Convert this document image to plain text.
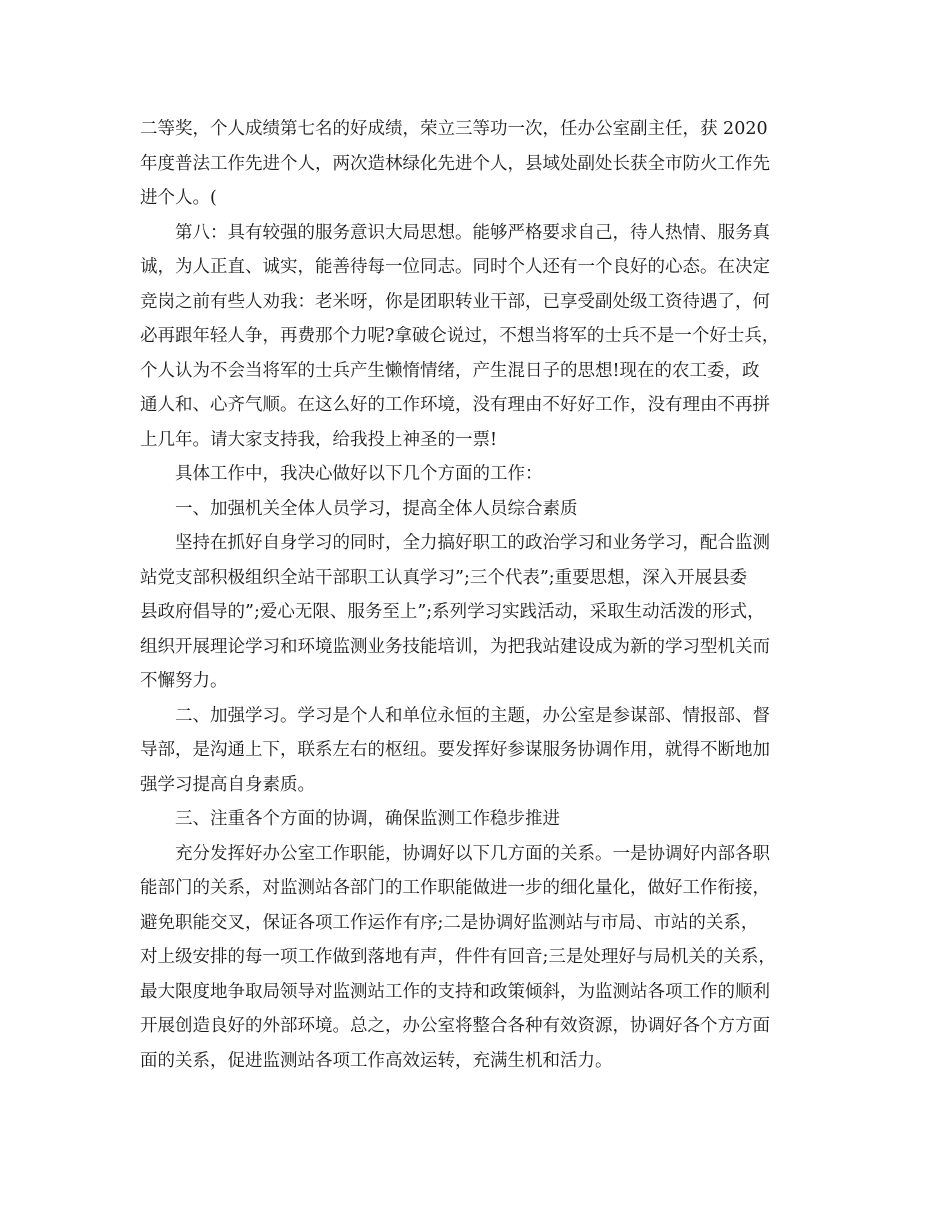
二等奖，个人成绩第七名的好成绩，荣立三等功一次，任办公室副主任，获 2020
年度普法工作先进个人，两次造林绿化先进个人，县域处副处长获全市防火工作先
进个人。(
第八：具有较强的服务意识大局思想。能够严格要求自己，待人热情、服务真
诚，为人正直、诚实，能善待每一位同志。同时个人还有一个良好的心态。在决定
竞岗之前有些人劝我：老米呀，你是团职转业干部，已享受副处级工资待遇了，何
必再跟年轻人争，再费那个力呢?拿破仑说过，不想当将军的士兵不是一个好士兵，
个人认为不会当将军的士兵产生懒惰情绪，产生混日子的思想!现在的农工委，政
通人和、心齐气顺。在这么好的工作环境，没有理由不好好工作，没有理由不再拼
上几年。请大家支持我，给我投上神圣的一票!
具体工作中，我决心做好以下几个方面的工作：
一、加强机关全体人员学习，提高全体人员综合素质
坚持在抓好自身学习的同时，全力搞好职工的政治学习和业务学习，配合监测
站党支部积极组织全站干部职工认真学习”;三个代表”;重要思想，深入开展县委
县政府倡导的”;爱心无限、服务至上”;系列学习实践活动，采取生动活泼的形式，
组织开展理论学习和环境监测业务技能培训，为把我站建设成为新的学习型机关而
不懈努力。
二、加强学习。学习是个人和单位永恒的主题，办公室是参谋部、情报部、督
导部，是沟通上下，联系左右的枢纽。要发挥好参谋服务协调作用，就得不断地加
强学习提高自身素质。
三、注重各个方面的协调，确保监测工作稳步推进
充分发挥好办公室工作职能，协调好以下几方面的关系。一是协调好内部各职
能部门的关系，对监测站各部门的工作职能做进一步的细化量化，做好工作衔接，
避免职能交叉，保证各项工作运作有序;二是协调好监测站与市局、市站的关系，
对上级安排的每一项工作做到落地有声，件件有回音;三是处理好与局机关的关系，
最大限度地争取局领导对监测站工作的支持和政策倾斜，为监测站各项工作的顺利
开展创造良好的外部环境。总之，办公室将整合各种有效资源，协调好各个方方面
面的关系，促进监测站各项工作高效运转，充满生机和活力。
